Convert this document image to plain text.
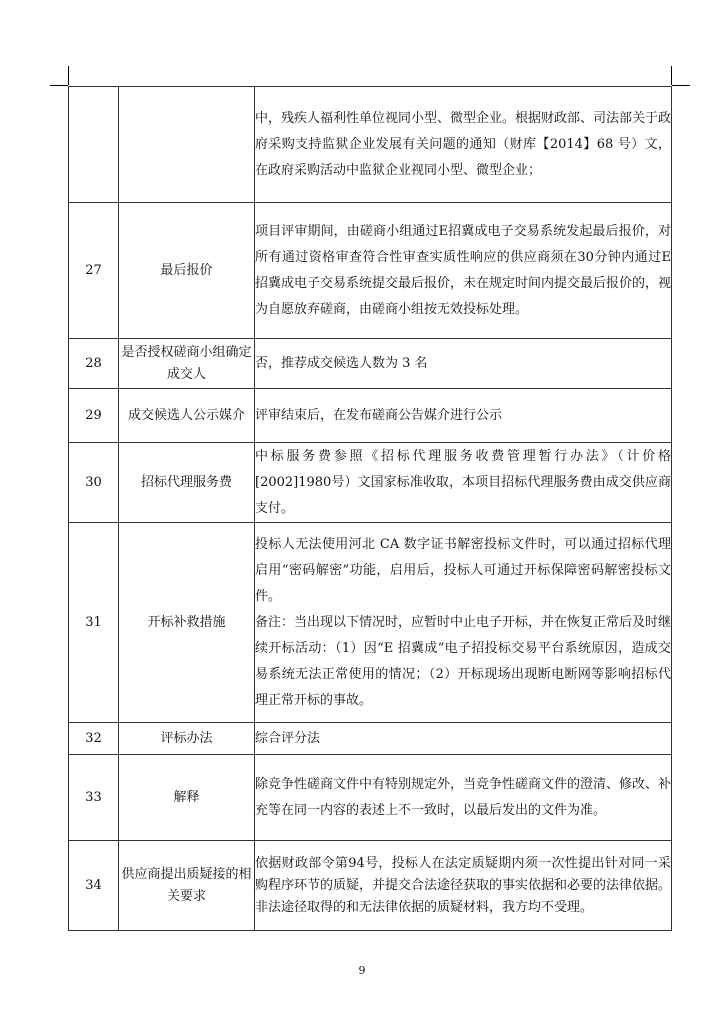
		中，残疾人福利性单位视同小型、微型企业。根据财政部、司法部关于政府采购支持监狱企业发展有关问题的通知（财库【2014】68 号）文，在政府采购活动中监狱企业视同小型、微型企业；

27	最后报价	项目评审期间，由磋商小组通过E招冀成电子交易系统发起最后报价，对所有通过资格审查符合性审查实质性响应的供应商须在30分钟内通过E招冀成电子交易系统提交最后报价，未在规定时间内提交最后报价的，视为自愿放弃磋商，由磋商小组按无效投标处理。

28	是否授权磋商小组确定成交人	否，推荐成交候选人数为 3 名

29	成交候选人公示媒介	评审结束后，在发布磋商公告媒介进行公示

30	招标代理服务费	中标服务费参照《招标代理服务收费管理暂行办法》（计价格[2002]1980号）文国家标准收取，本项目招标代理服务费由成交供应商支付。

31	开标补救措施	投标人无法使用河北 CA 数字证书解密投标文件时，可以通过招标代理启用“密码解密”功能，启用后，投标人可通过开标保障密码解密投标文件。

备注：当出现以下情况时，应暂时中止电子开标，并在恢复正常后及时继续开标活动：（1）因“E 招冀成”电子招投标交易平台系统原因，造成交易系统无法正常使用的情况；（2）开标现场出现断电断网等影响招标代理正常开标的事故。

32	评标办法	综合评分法

33	解释	除竞争性磋商文件中有特别规定外，当竞争性磋商文件的澄清、修改、补充等在同一内容的表述上不一致时，以最后发出的文件为准。

34	供应商提出质疑接的相关要求	依据财政部令第94号，投标人在法定质疑期内须一次性提出针对同一采购程序环节的质疑，并提交合法途径获取的事实依据和必要的法律依据。非法途径取得的和无法律依据的质疑材料，我方均不受理。

9
